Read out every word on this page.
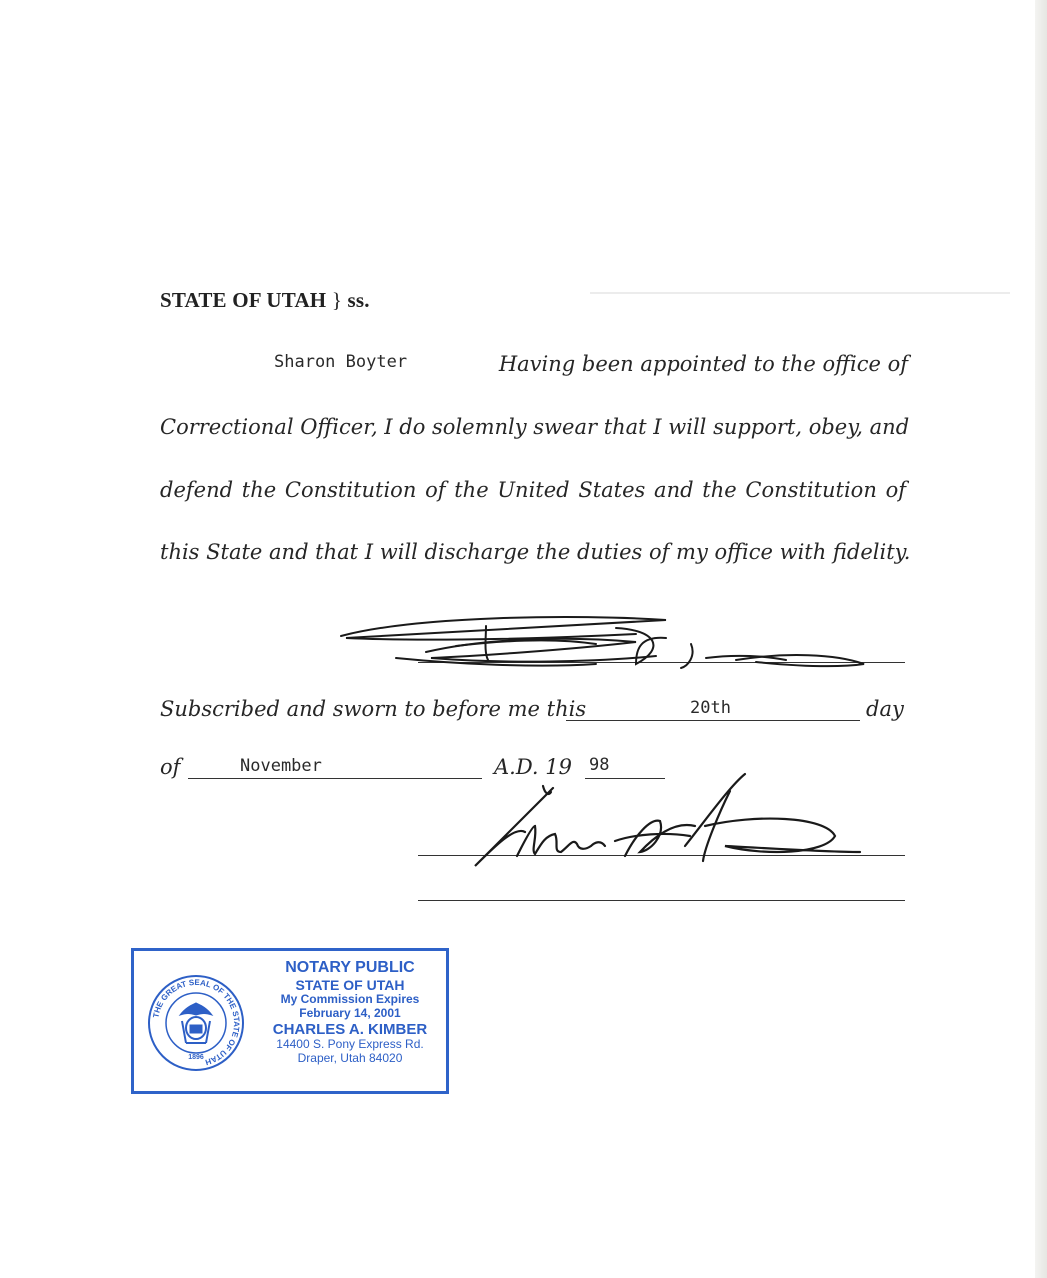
STATE OF UTAH } ss.
Sharon Boyter	Having been appointed to the office of
Correctional Officer, I do solemnly swear that I will support, obey, and
defend the Constitution of the United States and the Constitution of
this State and that I will discharge the duties of my office with fidelity.
Subscribed and sworn to before me this	20th	day
of	November	A.D. 19 98
THE GREAT SEAL OF THE STATE OF UTAH
1896
NOTARY PUBLIC
STATE OF UTAH
My Commission Expires
February 14, 2001
CHARLES A. KIMBER
14400 S. Pony Express Rd.
Draper, Utah 84020
